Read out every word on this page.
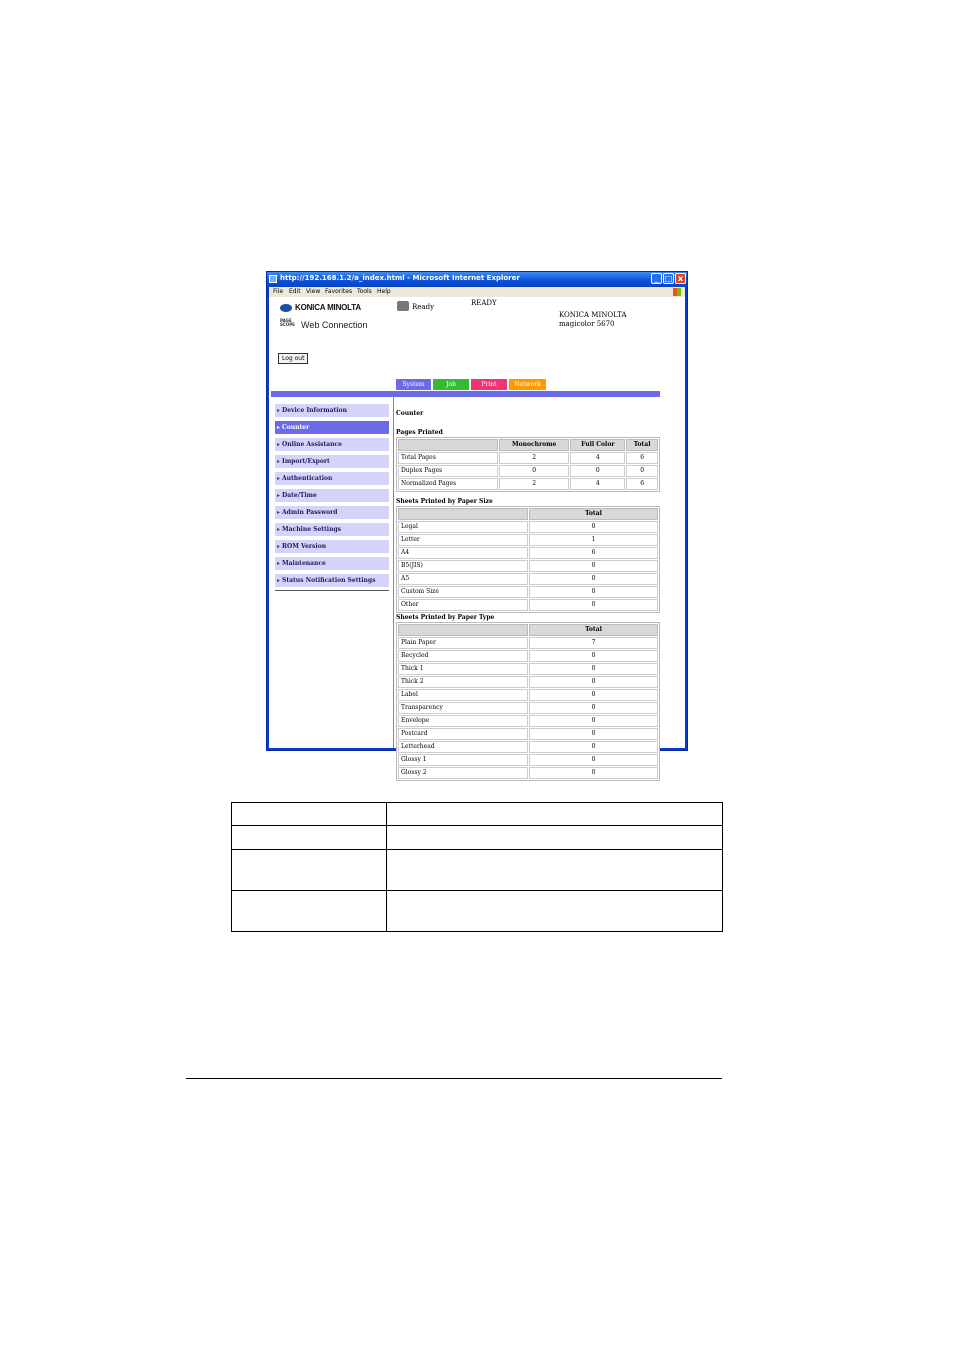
http://192.168.1.2/a_index.html - Microsoft Internet Explorer	_ □ x
File Edit View Favorites Tools Help
KONICA MINOLTA
PAGE SCOPE Web Connection
Ready	READY
KONICA MINOLTA
magicolor 5670
Log out
System	Job	Print	Network
▸ Device Information
▸ Counter
▸ Online Assistance
▸ Import/Export
▸ Authentication
▸ Date/Time
▸ Admin Password
▸ Machine Settings
▸ ROM Version
▸ Maintenance
▸ Status Notification Settings
Counter
Pages Printed
	Monochrome	Full Color	Total
Total Pages	2	4	6
Duplex Pages	0	0	0
Normalized Pages	2	4	6
Sheets Printed by Paper Size
	Total
Legal	0
Letter	1
A4	6
B5(JIS)	0
A5	0
Custom Size	0
Other	0
Sheets Printed by Paper Type
	Total
Plain Paper	7
Recycled	0
Thick 1	0
Thick 2	0
Label	0
Transparency	0
Envelope	0
Postcard	0
Letterhead	0
Glossy 1	0
Glossy 2	0
